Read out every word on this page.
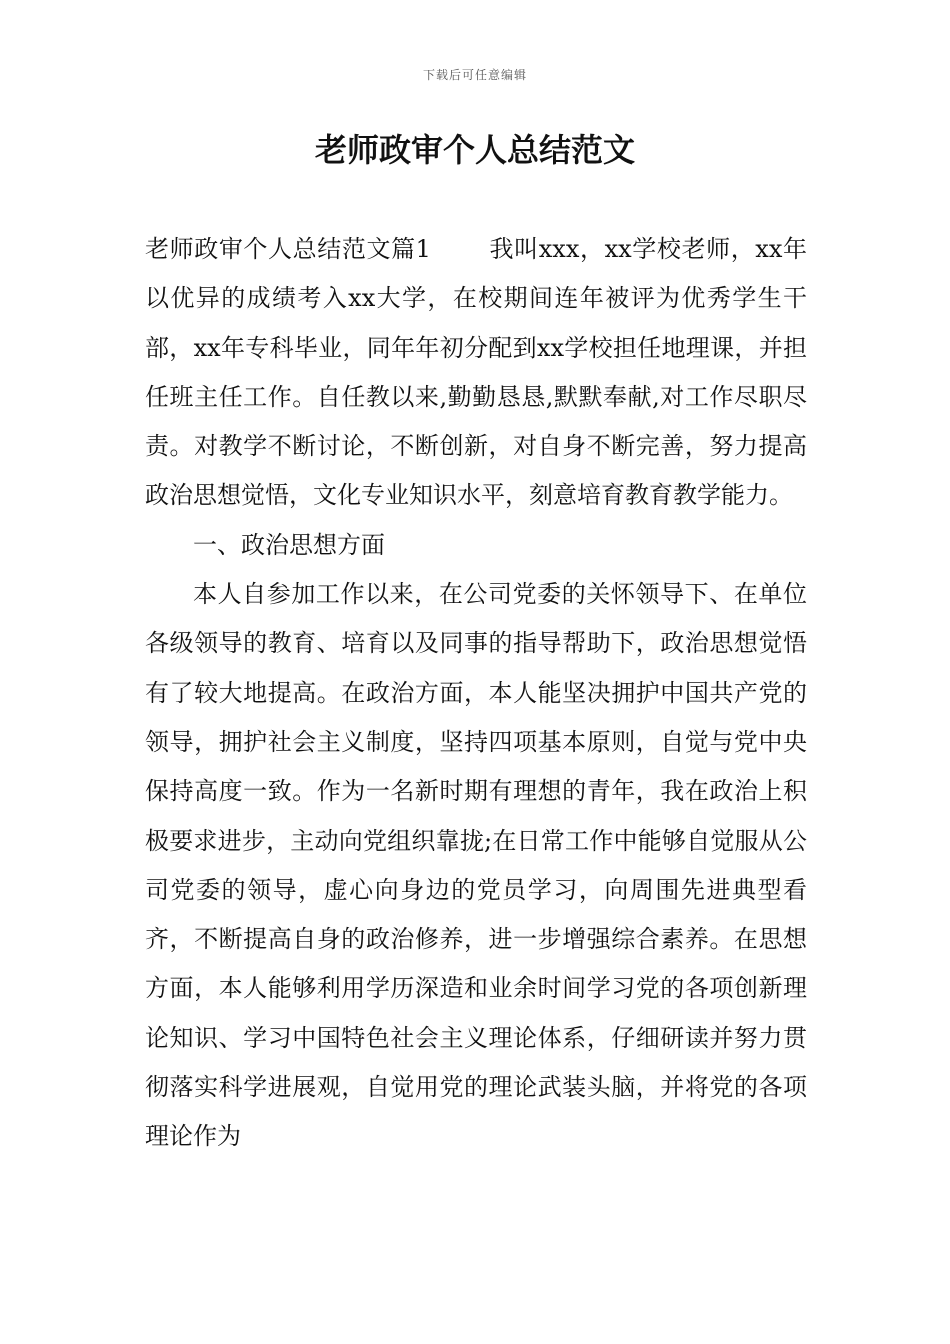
下载后可任意编辑
老师政审个人总结范文

老师政审个人总结范文篇1 我叫xxx，xx学校老师，xx年以优异的成绩考入xx大学，在校期间连年被评为优秀学生干部，xx年专科毕业，同年年初分配到xx学校担任地理课，并担任班主任工作。自任教以来,勤勤恳恳,默默奉献,对工作尽职尽责。对教学不断讨论，不断创新，对自身不断完善，努力提高政治思想觉悟，文化专业知识水平，刻意培育教育教学能力。

一、政治思想方面

本人自参加工作以来，在公司党委的关怀领导下、在单位各级领导的教育、培育以及同事的指导帮助下，政治思想觉悟有了较大地提高。在政治方面，本人能坚决拥护中国共产党的领导，拥护社会主义制度，坚持四项基本原则，自觉与党中央保持高度一致。作为一名新时期有理想的青年，我在政治上积极要求进步，主动向党组织靠拢;在日常工作中能够自觉服从公司党委的领导，虚心向身边的党员学习，向周围先进典型看齐，不断提高自身的政治修养，进一步增强综合素养。在思想方面，本人能够利用学历深造和业余时间学习党的各项创新理论知识、学习中国特色社会主义理论体系，仔细研读并努力贯彻落实科学进展观，自觉用党的理论武装头脑，并将党的各项理论作为
